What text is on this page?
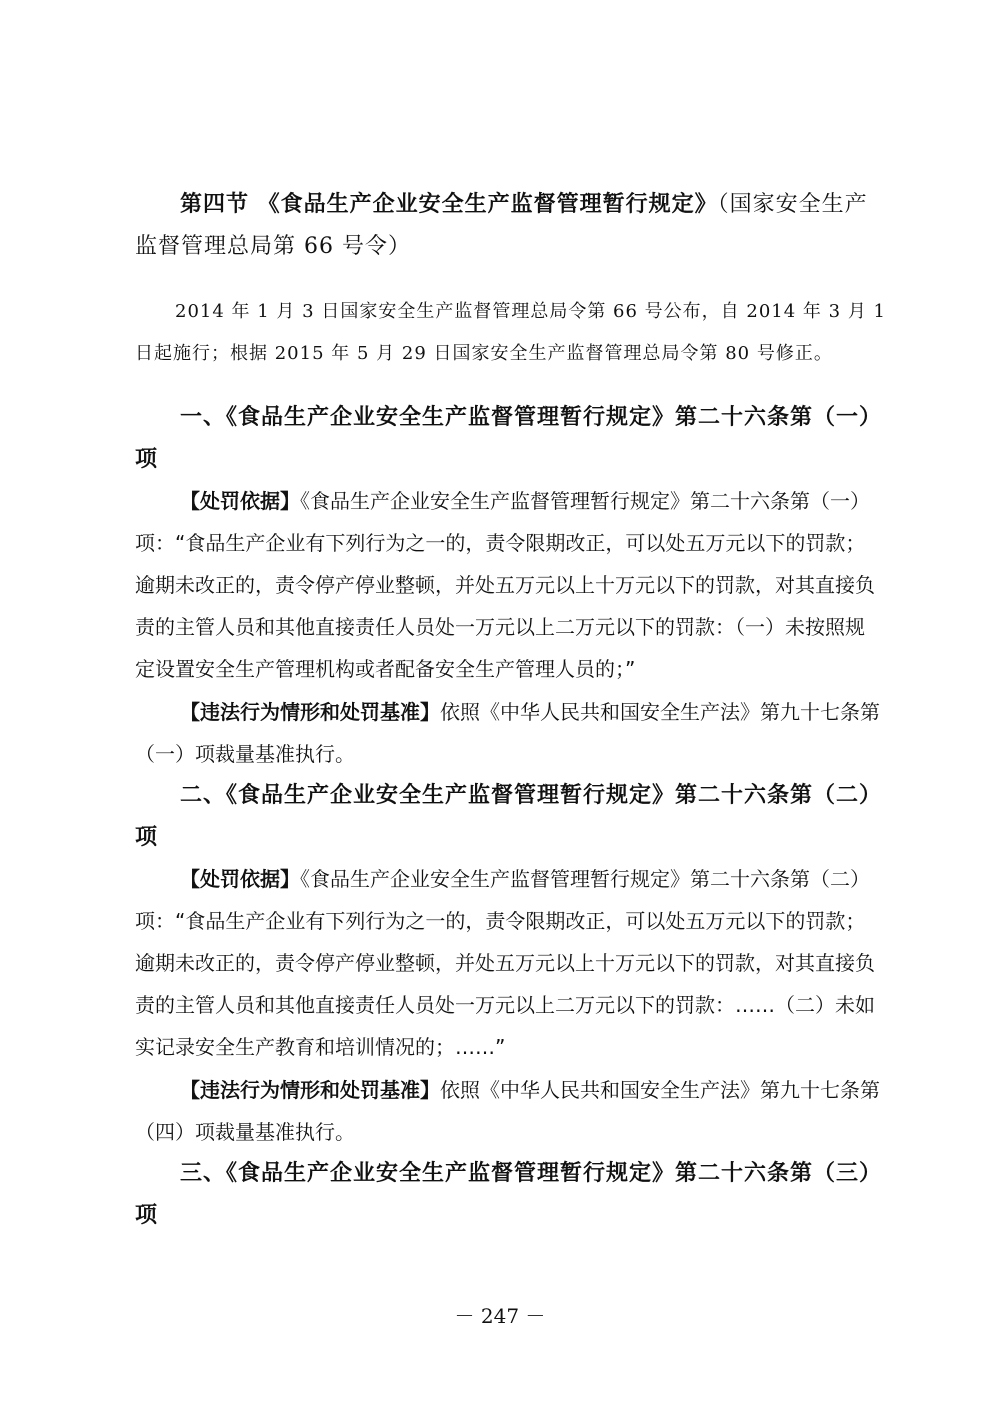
第四节 《食品生产企业安全生产监督管理暂行规定》（国家安全生产
监督管理总局第 66 号令）
2014 年 1 月 3 日国家安全生产监督管理总局令第 66 号公布，自 2014 年 3 月 1
日起施行；根据 2015 年 5 月 29 日国家安全生产监督管理总局令第 80 号修正。
一、《食品生产企业安全生产监督管理暂行规定》第二十六条第（一）
项
【处罚依据】《食品生产企业安全生产监督管理暂行规定》第二十六条第（一）
项：“食品生产企业有下列行为之一的，责令限期改正，可以处五万元以下的罚款；
逾期未改正的，责令停产停业整顿，并处五万元以上十万元以下的罚款，对其直接负
责的主管人员和其他直接责任人员处一万元以上二万元以下的罚款：（一）未按照规
定设置安全生产管理机构或者配备安全生产管理人员的；”
【违法行为情形和处罚基准】依照《中华人民共和国安全生产法》第九十七条第
（一）项裁量基准执行。
二、《食品生产企业安全生产监督管理暂行规定》第二十六条第（二）
项
【处罚依据】《食品生产企业安全生产监督管理暂行规定》第二十六条第（二）
项：“食品生产企业有下列行为之一的，责令限期改正，可以处五万元以下的罚款；
逾期未改正的，责令停产停业整顿，并处五万元以上十万元以下的罚款，对其直接负
责的主管人员和其他直接责任人员处一万元以上二万元以下的罚款：……（二）未如
实记录安全生产教育和培训情况的；……”
【违法行为情形和处罚基准】依照《中华人民共和国安全生产法》第九十七条第
（四）项裁量基准执行。
三、《食品生产企业安全生产监督管理暂行规定》第二十六条第（三）
项
－ 247 －
